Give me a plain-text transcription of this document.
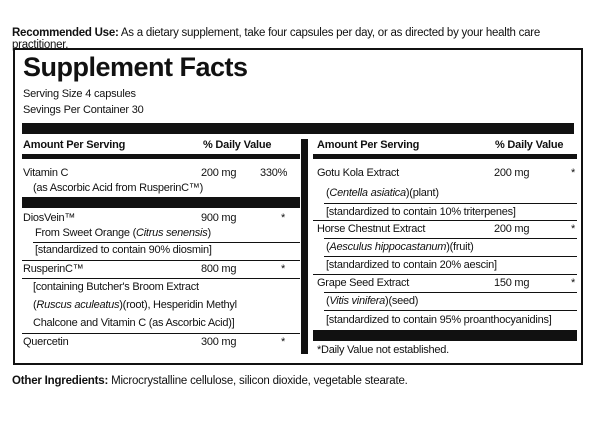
Recommended Use: As a dietary supplement, take four capsules per day, or as directed by your health care practitioner.
Supplement Facts
Serving Size 4 capsules
Sevings Per Container 30
Amount Per Serving	% Daily Value	Amount Per Serving	% Daily Value
Vitamin C	200 mg 330%
(as Ascorbic Acid from RusperinC™)
DiosVein™	900 mg	*
From Sweet Orange (Citrus senensis)
[standardized to contain 90% diosmin]
RusperinC™	800 mg	*
[containing Butcher's Broom Extract
(Ruscus aculeatus)(root), Hesperidin Methyl
Chalcone and Vitamin C (as Ascorbic Acid)]
Quercetin	300 mg	*
Gotu Kola Extract	200 mg	*
(Centella asiatica)(plant)
[standardized to contain 10% triterpenes]
Horse Chestnut Extract	200 mg	*
(Aesculus hippocastanum)(fruit)
[standardized to contain 20% aescin]
Grape Seed Extract	150 mg	*
(Vitis vinifera)(seed)
[standardized to contain 95% proanthocyanidins]
*Daily Value not established.
Other Ingredients: Microcrystalline cellulose, silicon dioxide, vegetable stearate.
